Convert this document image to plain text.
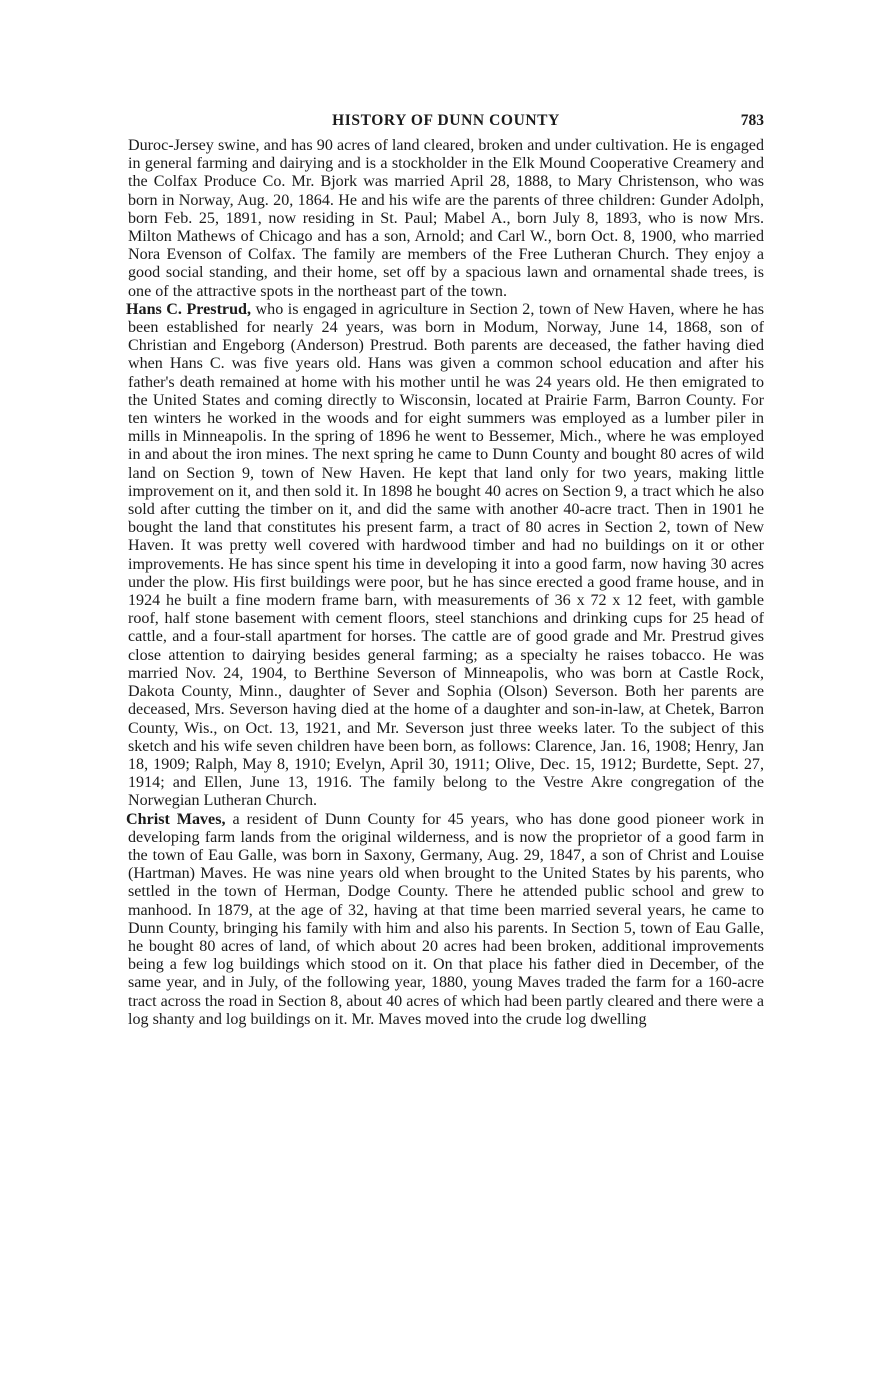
HISTORY OF DUNN COUNTY	783

Duroc-Jersey swine, and has 90 acres of land cleared, broken and under cultivation. He is engaged in general farming and dairying and is a stockholder in the Elk Mound Cooperative Creamery and the Colfax Produce Co. Mr. Bjork was married April 28, 1888, to Mary Christenson, who was born in Norway, Aug. 20, 1864. He and his wife are the parents of three children: Gunder Adolph, born Feb. 25, 1891, now residing in St. Paul; Mabel A., born July 8, 1893, who is now Mrs. Milton Mathews of Chicago and has a son, Arnold; and Carl W., born Oct. 8, 1900, who married Nora Evenson of Colfax. The family are members of the Free Lutheran Church. They enjoy a good social standing, and their home, set off by a spacious lawn and ornamental shade trees, is one of the attractive spots in the northeast part of the town.

Hans C. Prestrud, who is engaged in agriculture in Section 2, town of New Haven, where he has been established for nearly 24 years, was born in Modum, Norway, June 14, 1868, son of Christian and Engeborg (Anderson) Prestrud. Both parents are deceased, the father having died when Hans C. was five years old. Hans was given a common school education and after his father's death remained at home with his mother until he was 24 years old. He then emigrated to the United States and coming directly to Wisconsin, located at Prairie Farm, Barron County. For ten winters he worked in the woods and for eight summers was employed as a lumber piler in mills in Minneapolis. In the spring of 1896 he went to Bessemer, Mich., where he was employed in and about the iron mines. The next spring he came to Dunn County and bought 80 acres of wild land on Section 9, town of New Haven. He kept that land only for two years, making little improvement on it, and then sold it. In 1898 he bought 40 acres on Section 9, a tract which he also sold after cutting the timber on it, and did the same with another 40-acre tract. Then in 1901 he bought the land that constitutes his present farm, a tract of 80 acres in Section 2, town of New Haven. It was pretty well covered with hardwood timber and had no buildings on it or other improvements. He has since spent his time in developing it into a good farm, now having 30 acres under the plow. His first buildings were poor, but he has since erected a good frame house, and in 1924 he built a fine modern frame barn, with measurements of 36 x 72 x 12 feet, with gamble roof, half stone basement with cement floors, steel stanchions and drinking cups for 25 head of cattle, and a four-stall apartment for horses. The cattle are of good grade and Mr. Prestrud gives close attention to dairying besides general farming; as a specialty he raises tobacco. He was married Nov. 24, 1904, to Berthine Severson of Minneapolis, who was born at Castle Rock, Dakota County, Minn., daughter of Sever and Sophia (Olson) Severson. Both her parents are deceased, Mrs. Severson having died at the home of a daughter and son-in-law, at Chetek, Barron County, Wis., on Oct. 13, 1921, and Mr. Severson just three weeks later. To the subject of this sketch and his wife seven children have been born, as follows: Clarence, Jan. 16, 1908; Henry, Jan 18, 1909; Ralph, May 8, 1910; Evelyn, April 30, 1911; Olive, Dec. 15, 1912; Burdette, Sept. 27, 1914; and Ellen, June 13, 1916. The family belong to the Vestre Akre congregation of the Norwegian Lutheran Church.

Christ Maves, a resident of Dunn County for 45 years, who has done good pioneer work in developing farm lands from the original wilderness, and is now the proprietor of a good farm in the town of Eau Galle, was born in Saxony, Germany, Aug. 29, 1847, a son of Christ and Louise (Hartman) Maves. He was nine years old when brought to the United States by his parents, who settled in the town of Herman, Dodge County. There he attended public school and grew to manhood. In 1879, at the age of 32, having at that time been married several years, he came to Dunn County, bringing his family with him and also his parents. In Section 5, town of Eau Galle, he bought 80 acres of land, of which about 20 acres had been broken, additional improvements being a few log buildings which stood on it. On that place his father died in December, of the same year, and in July, of the following year, 1880, young Maves traded the farm for a 160-acre tract across the road in Section 8, about 40 acres of which had been partly cleared and there were a log shanty and log buildings on it. Mr. Maves moved into the crude log dwelling
